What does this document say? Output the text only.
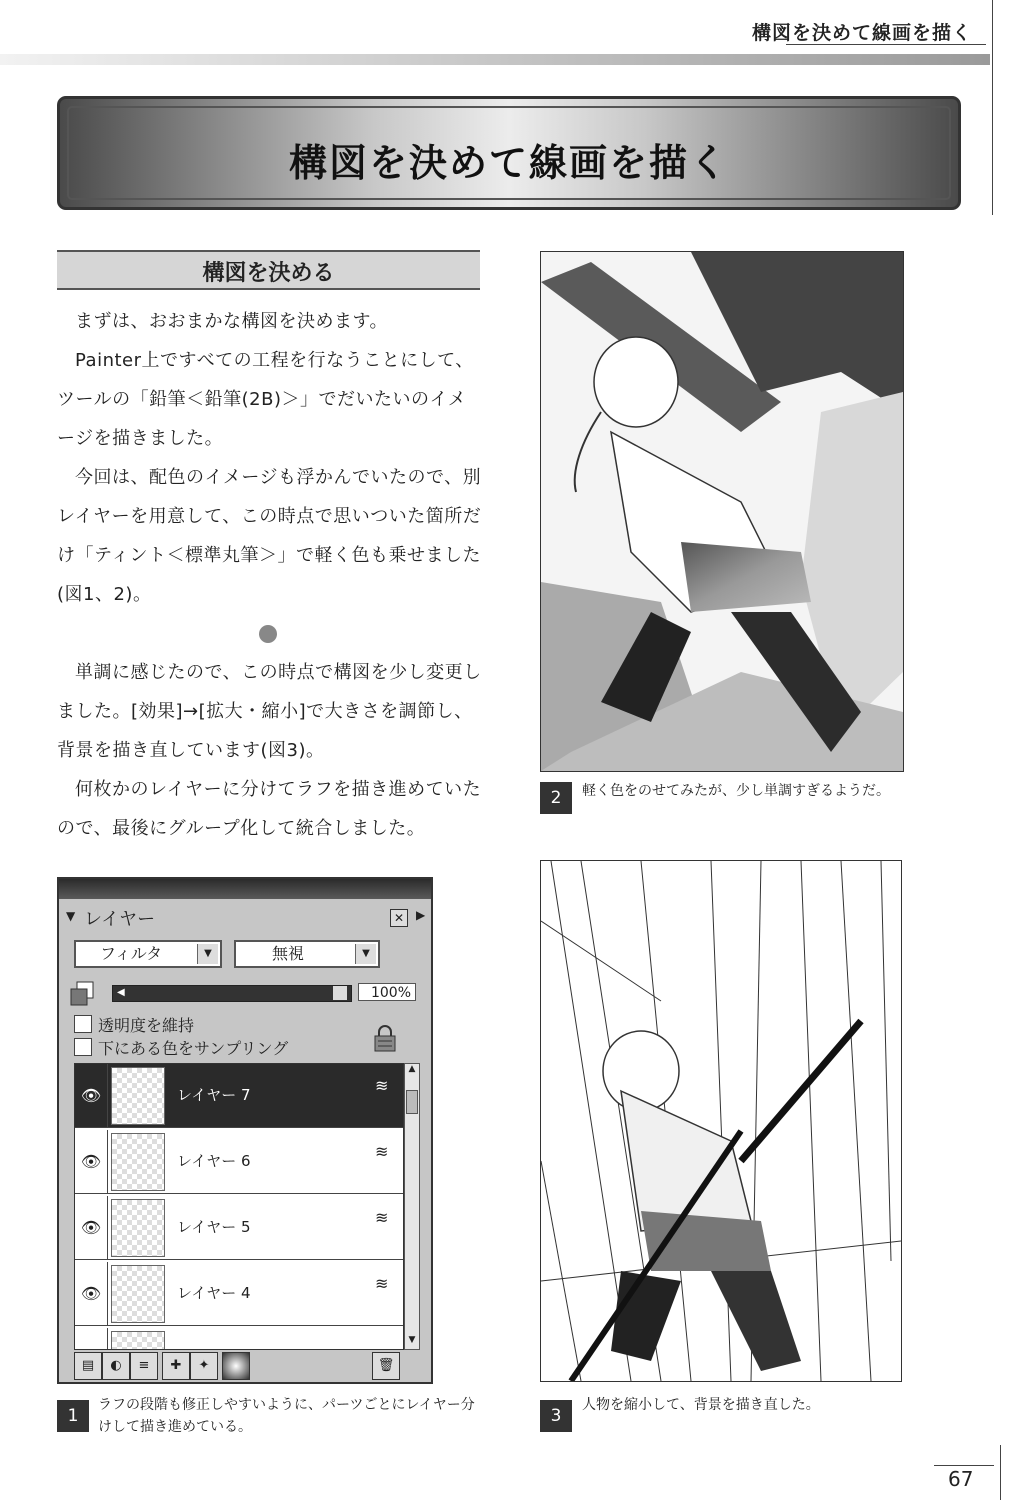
構図を決めて線画を描く
構図を決めて線画を描く
構図を決める
まずは、おおまかな構図を決めます。
Painter上ですべての工程を行なうことにして、ツールの「鉛筆＜鉛筆(2B)＞」でだいたいのイメージを描きました。
今回は、配色のイメージも浮かんでいたので、別レイヤーを用意して、この時点で思いついた箇所だけ「ティント＜標準丸筆＞」で軽く色も乗せました(図1、2)。
単調に感じたので、この時点で構図を少し変更しました。[効果]→[拡大・縮小]で大きさを調節し、背景を描き直しています(図3)。
何枚かのレイヤーに分けてラフを描き進めていたので、最後にグループ化して統合しました。
2	軽く色をのせてみたが、少し単調すぎるようだ。
3
人物を縮小して、背景を描き直した。
▼ レイヤー	✕ ▶
フィルタ	▼	無視	▼
◀	100%
透明度を維持
下にある色をサンプリング
👁	レイヤー 7	≋
👁	レイヤー 6	≋
👁	レイヤー 5	≋
👁	レイヤー 4	≋
▲
▼
▤	◐	≡	✚	✦	🗑
1
ラフの段階も修正しやすいように、パーツごとにレイヤー分けして描き進めている。
67
